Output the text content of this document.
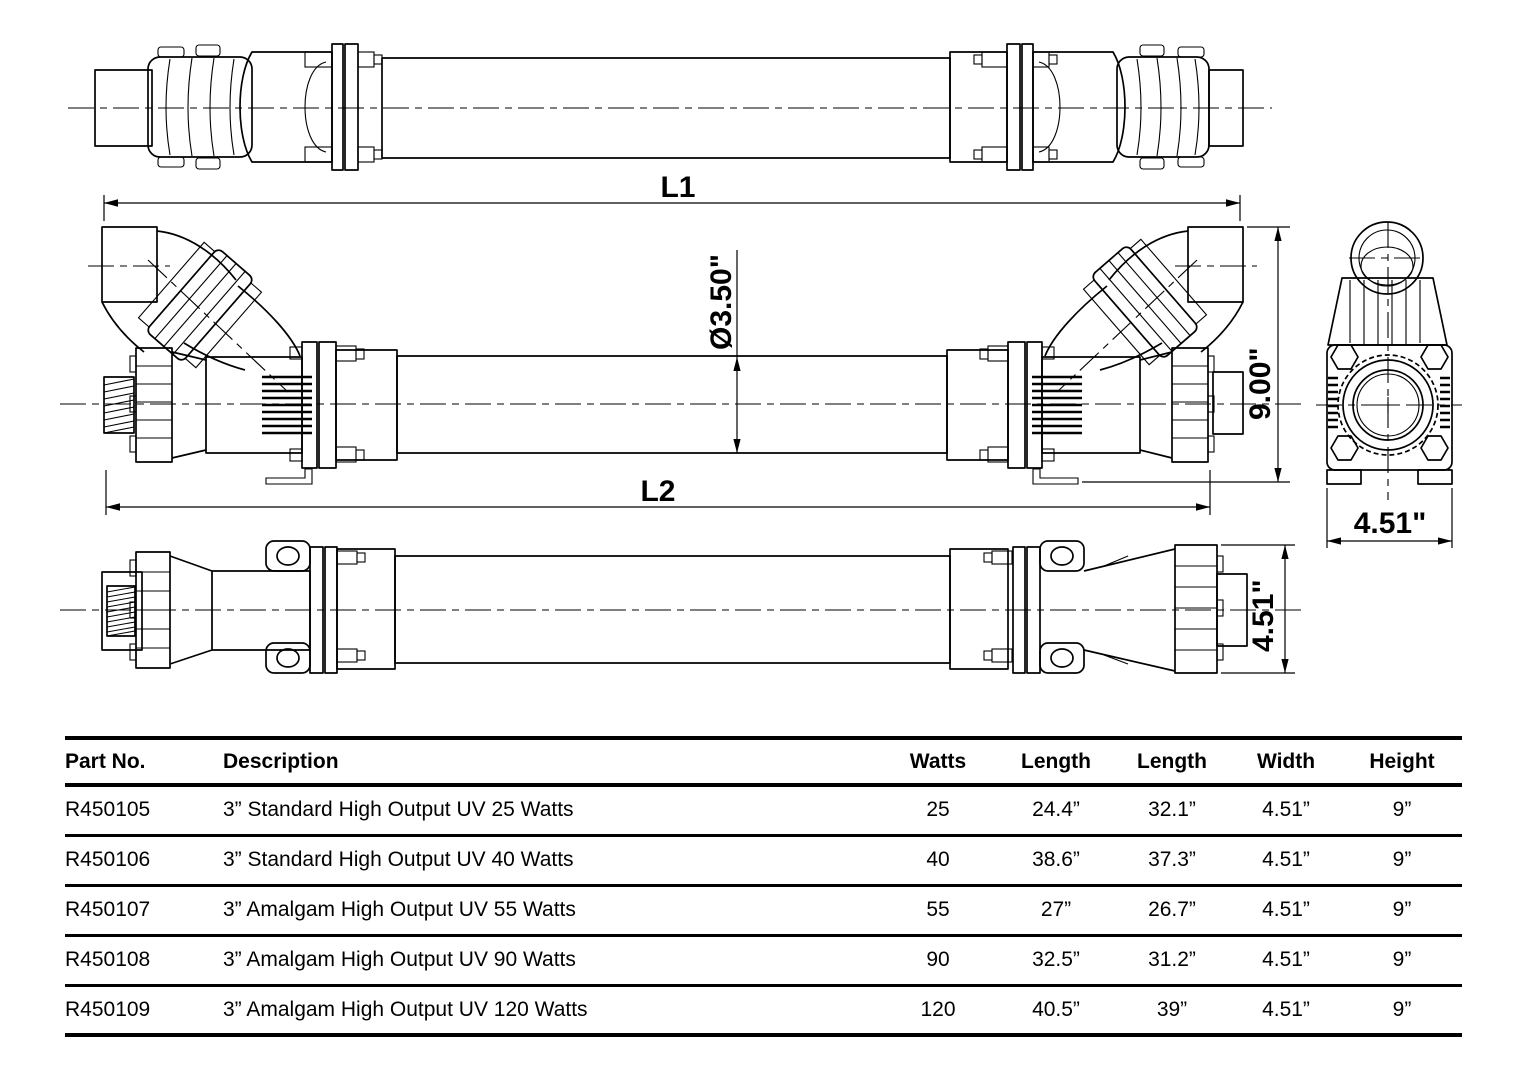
L1
L2
Ø3.50"
9.00"
4.51"
4.51"
Part No.	Description	Watts	Length	Length	Width	Height
R450105	3” Standard High Output UV 25 Watts	25	24.4”	32.1”	4.51”	9”
R450106	3” Standard High Output UV 40 Watts	40	38.6”	37.3”	4.51”	9”
R450107	3” Amalgam High Output UV 55 Watts	55	27”	26.7”	4.51”	9”
R450108	3” Amalgam High Output UV 90 Watts	90	32.5”	31.2”	4.51”	9”
R450109	3” Amalgam High Output UV 120 Watts	120	40.5”	39”	4.51”	9”
